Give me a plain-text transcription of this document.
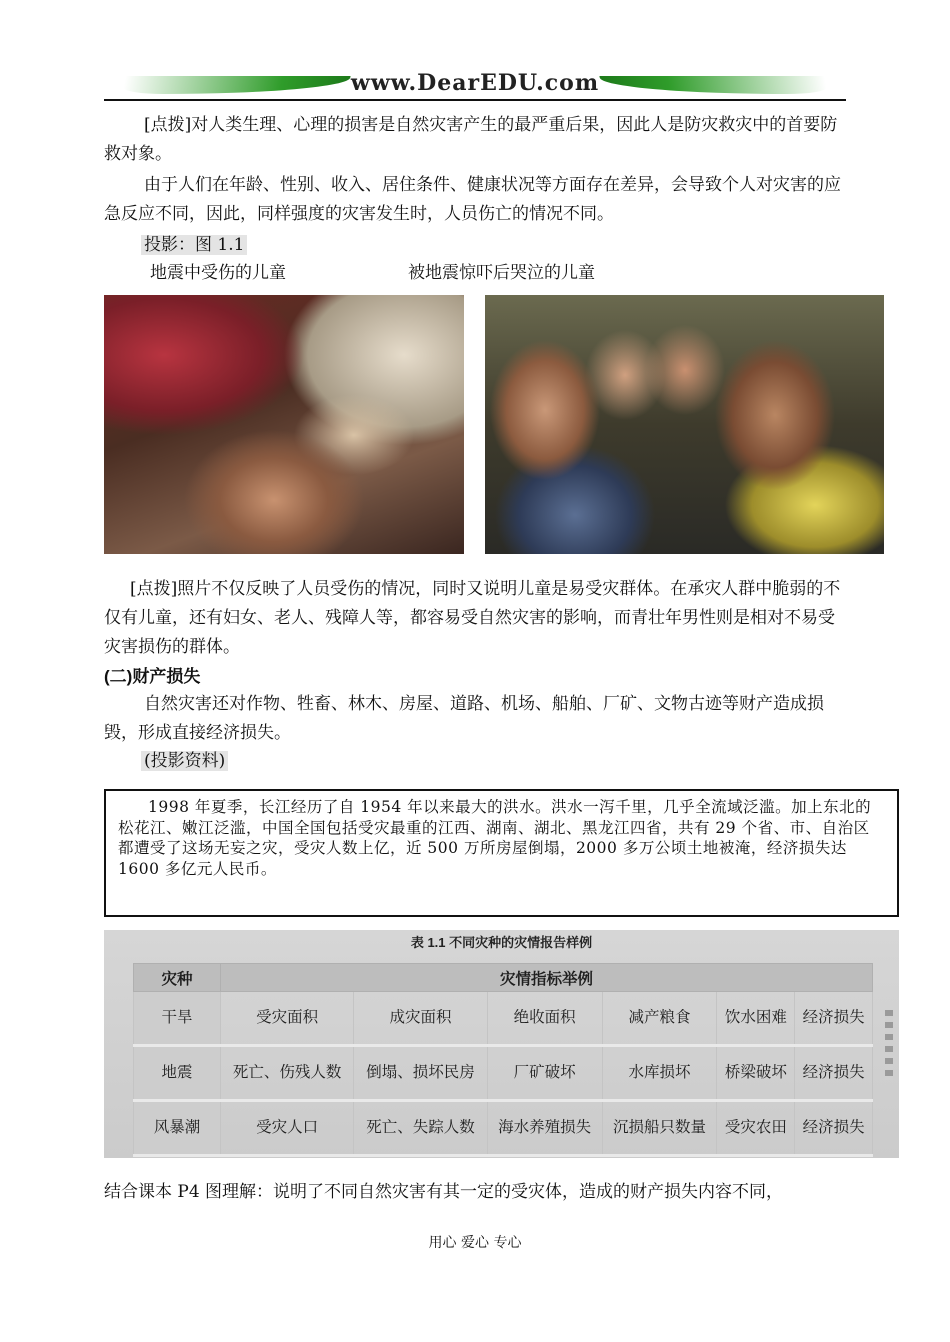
www.DearEDU.com
[点拨]对人类生理、心理的损害是自然灾害产生的最严重后果，因此人是防灾救灾中的首要防救对象。
由于人们在年龄、性别、收入、居住条件、健康状况等方面存在差异，会导致个人对灾害的应急反应不同，因此，同样强度的灾害发生时，人员伤亡的情况不同。
投影：图 1.1
地震中受伤的儿童	被地震惊吓后哭泣的儿童
[点拨]照片不仅反映了人员受伤的情况，同时又说明儿童是易受灾群体。在承灾人群中脆弱的不仅有儿童，还有妇女、老人、残障人等，都容易受自然灾害的影响，而青壮年男性则是相对不易受灾害损伤的群体。
(二)财产损失
自然灾害还对作物、牲畜、林木、房屋、道路、机场、船舶、厂矿、文物古迹等财产造成损毁，形成直接经济损失。
(投影资料)
1998 年夏季，长江经历了自 1954 年以来最大的洪水。洪水一泻千里，几乎全流域泛滥。加上东北的松花江、嫩江泛滥，中国全国包括受灾最重的江西、湖南、湖北、黑龙江四省，共有 29 个省、市、自治区都遭受了这场无妄之灾，受灾人数上亿，近 500 万所房屋倒塌，2000 多万公顷土地被淹，经济损失达 1600 多亿元人民币。
表 1.1 不同灾种的灾情报告样例
灾种	灾情指标举例					
干旱	受灾面积	成灾面积	绝收面积	减产粮食	饮水困难	经济损失
地震	死亡、伤残人数	倒塌、损坏民房	厂矿破坏	水库损坏	桥梁破坏	经济损失
风暴潮	受灾人口	死亡、失踪人数	海水养殖损失	沉损船只数量	受灾农田	经济损失
结合课本 P4 图理解：说明了不同自然灾害有其一定的受灾体，造成的财产损失内容不同，
用心 爱心 专心
